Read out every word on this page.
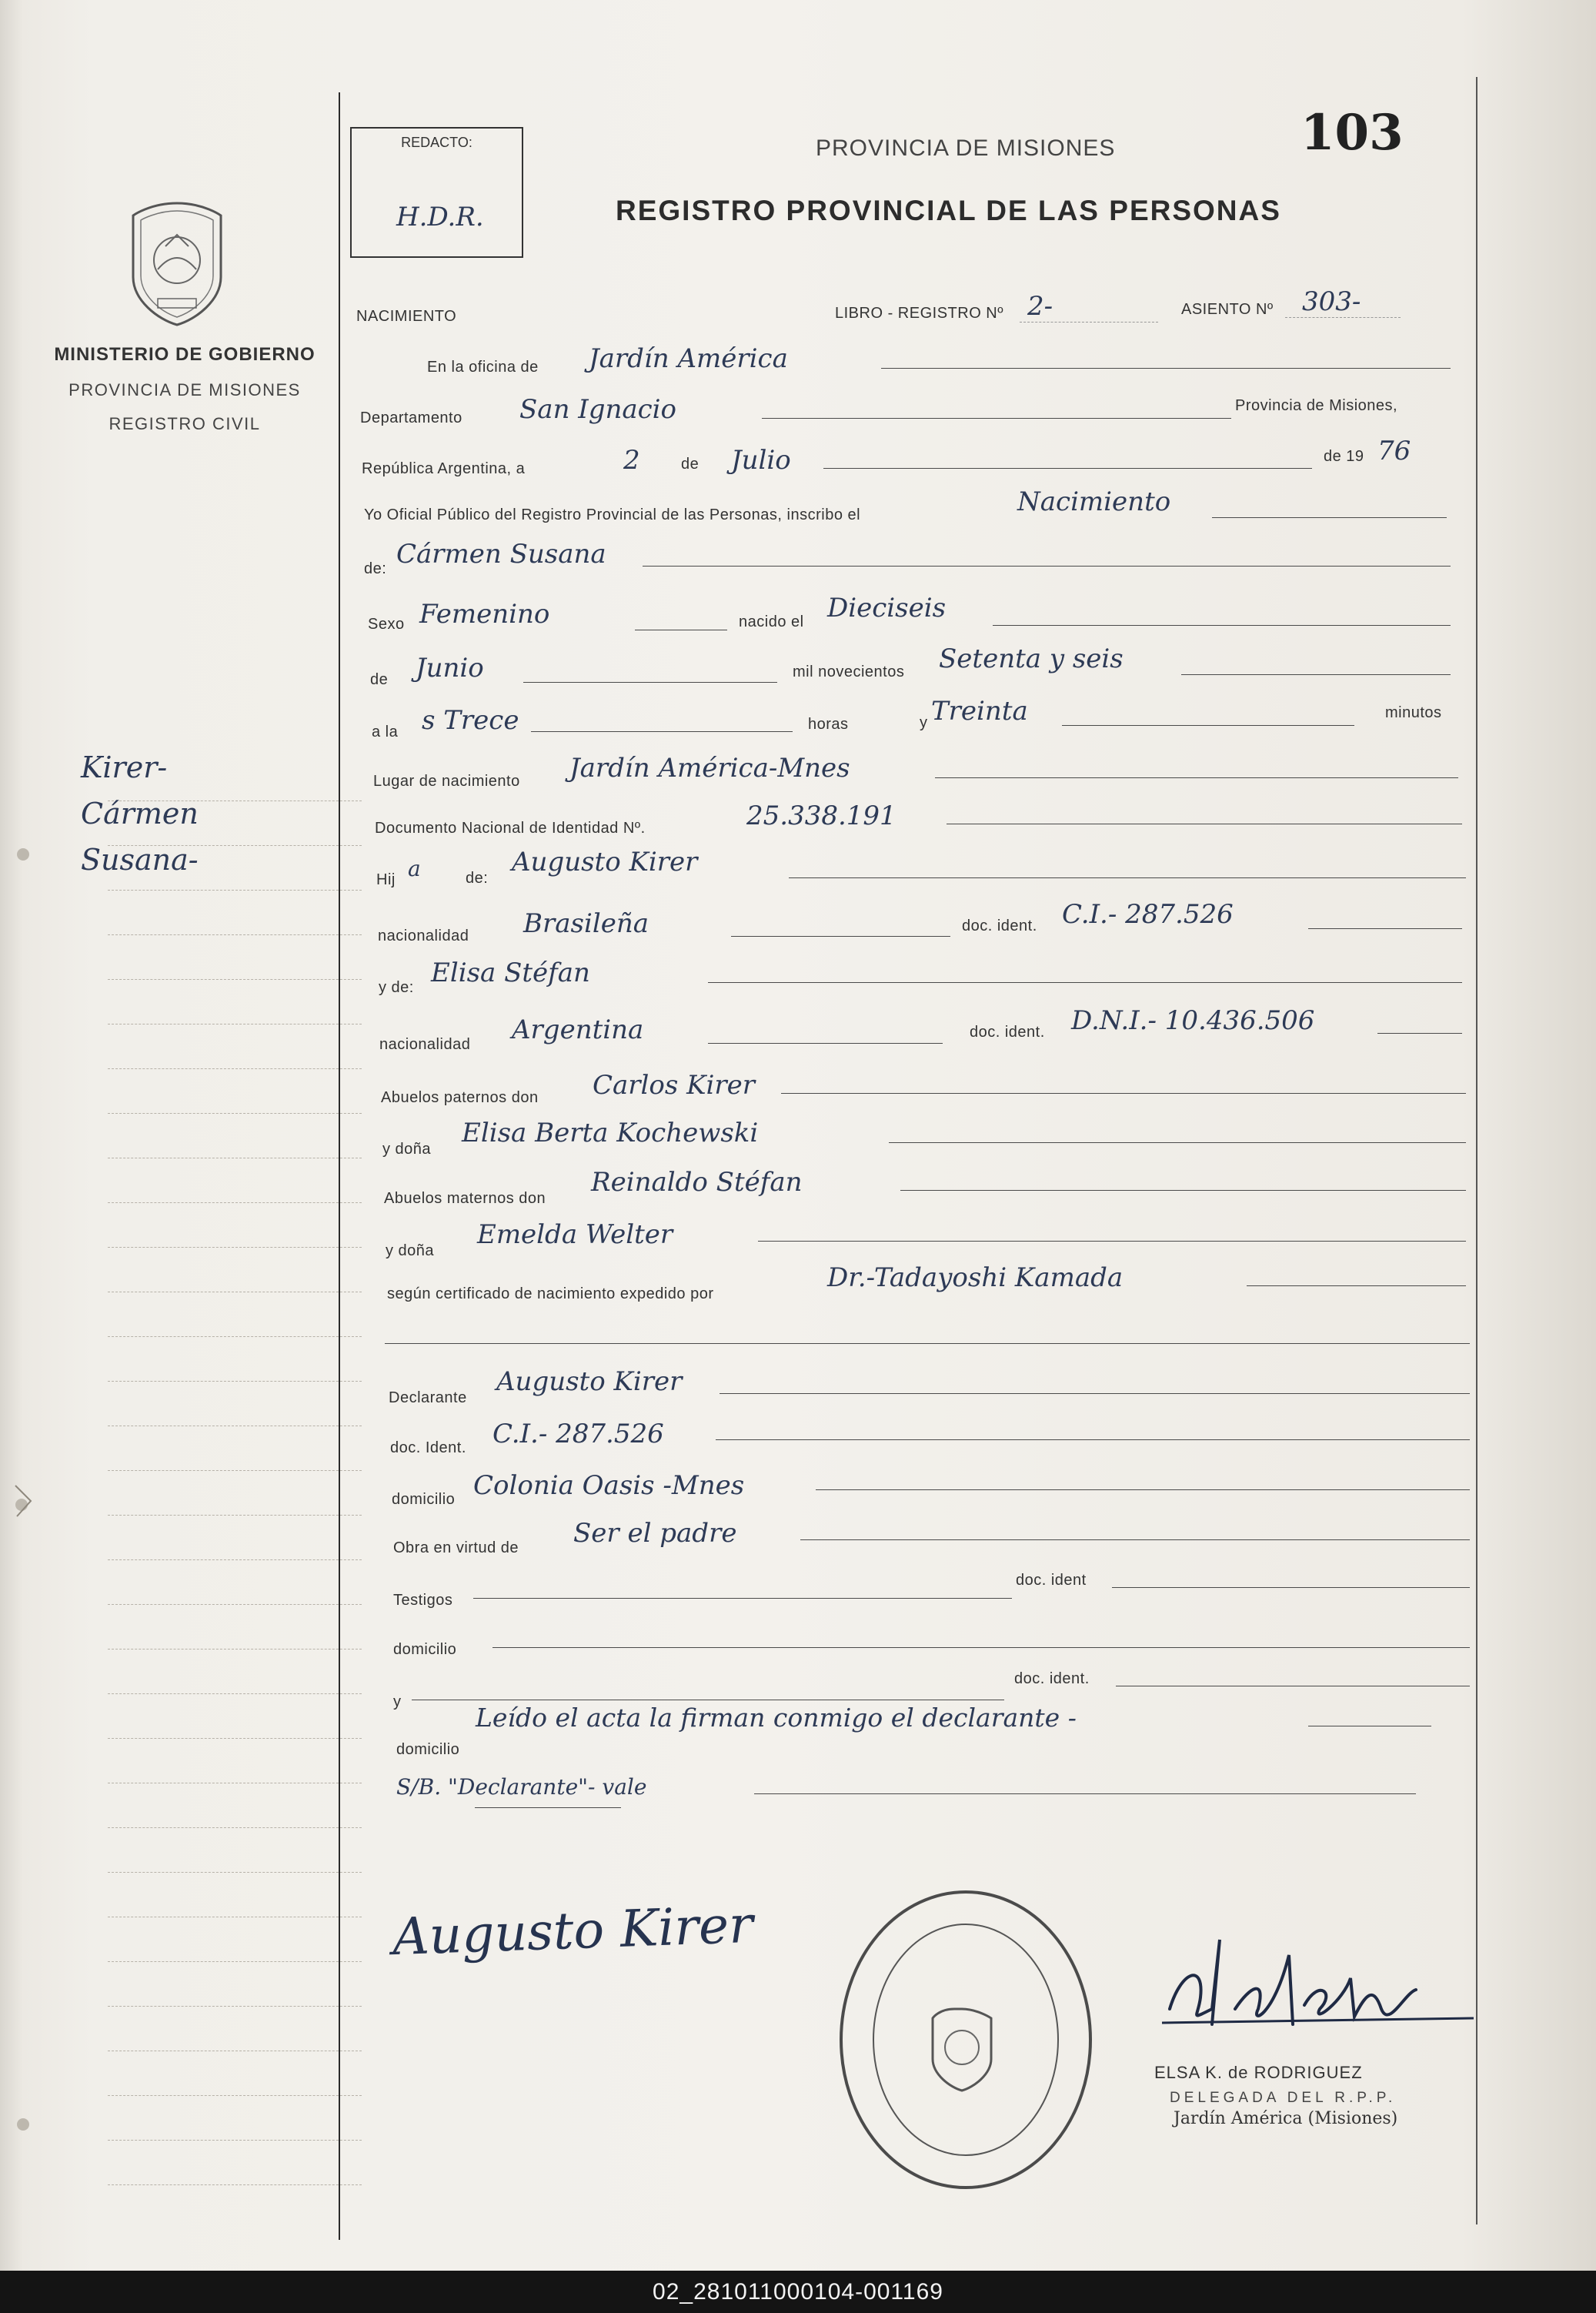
MINISTERIO DE GOBIERNO
PROVINCIA DE MISIONES
REGISTRO CIVIL
Kirer-
Cármen
Susana-
REDACTO:
H.D.R.
PROVINCIA DE MISIONES
REGISTRO PROVINCIAL DE LAS PERSONAS
103
NACIMIENTO	LIBRO - REGISTRO Nº 2-	ASIENTO Nº 303-
En la oficina de Jardín América
Departamento San Ignacio	Provincia de Misiones,
República Argentina, a	2	de Julio	de 19 76
Yo Oficial Público del Registro Provincial de las Personas, inscribo el	Nacimiento
de: Cármen Susana
Sexo Femenino	nacido el Dieciseis
de Junio	mil novecientos Setenta y seis
a la s Trece	horas	y Treinta	minutos
Lugar de nacimiento Jardín América-Mnes
Documento Nacional de Identidad Nº.	25.338.191
Hij a	de:
Augusto Kirer
nacionalidad Brasileña	doc. ident. C.I.- 287.526
y de: Elisa Stéfan
nacionalidad Argentina	doc. ident. D.N.I.- 10.436.506
Abuelos paternos don Carlos Kirer
y doña
Elisa Berta Kochewski
Abuelos maternos don
Reinaldo Stéfan
y doña
Emelda Welter
según certificado de nacimiento expedido por
Dr.-Tadayoshi Kamada
Declarante
Augusto Kirer
doc. Ident. C.I.- 287.526
domicilio Colonia Oasis -Mnes
Obra en virtud de Ser el padre
Testigos
doc. ident
domicilio
y
doc. ident.
domicilio
Leído el acta la firman conmigo el declarante -
S/B. "Declarante"- vale
Augusto Kirer
ELSA K. de RODRIGUEZ
DELEGADA DEL R.P.P.
Jardín América (Misiones)
02_281011000104-001169
